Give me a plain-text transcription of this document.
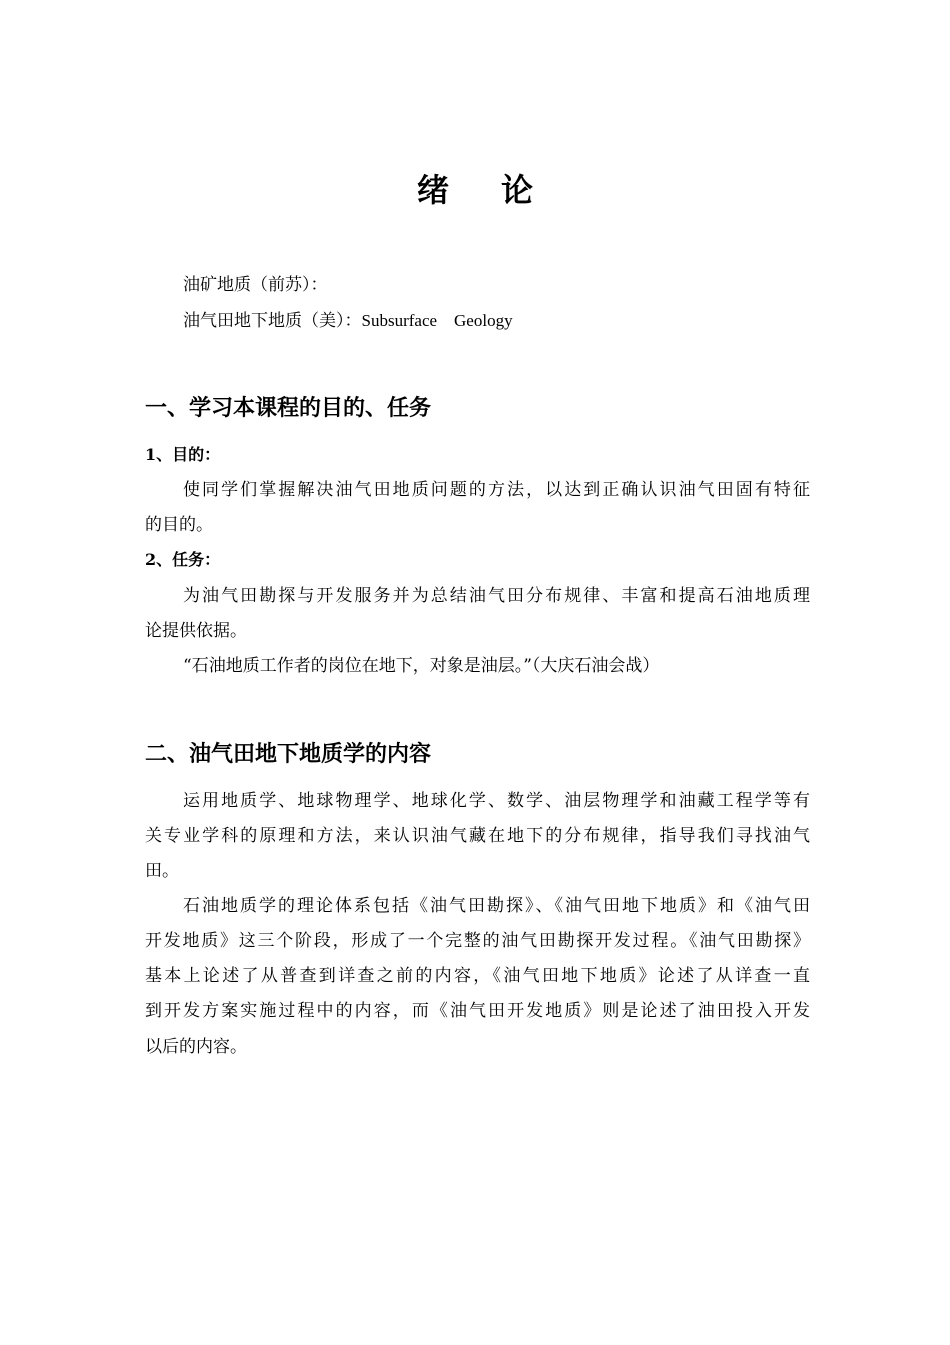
绪 论
油矿地质（前苏）：
油气田地下地质（美）：Subsurface    Geology
一、学习本课程的目的、任务
1、目的：
使同学们掌握解决油气田地质问题的方法，以达到正确认识油气田固有特征
的目的。
2、任务：
为油气田勘探与开发服务并为总结油气田分布规律、丰富和提高石油地质理
论提供依据。
“石油地质工作者的岗位在地下，对象是油层。”（大庆石油会战）
二、油气田地下地质学的内容
运用地质学、地球物理学、地球化学、数学、油层物理学和油藏工程学等有
关专业学科的原理和方法，来认识油气藏在地下的分布规律，指导我们寻找油气
田。
石油地质学的理论体系包括《油气田勘探》、《油气田地下地质》和《油气田
开发地质》这三个阶段，形成了一个完整的油气田勘探开发过程。《油气田勘探》
基本上论述了从普查到详查之前的内容，《油气田地下地质》论述了从详查一直
到开发方案实施过程中的内容，而《油气田开发地质》则是论述了油田投入开发
以后的内容。
